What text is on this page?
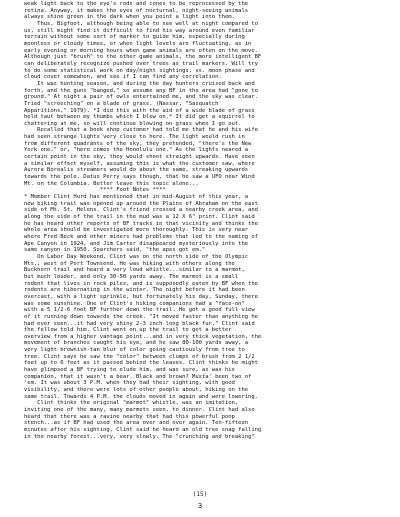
weak light back to the eye's rods and cones to be reprocessed by the
retina. Anyway, it makes the eyes of nocturnal, night-seeing animals
always shine green in the dark when you point a light into them.
Thus, Bigfoot, although being able to see well at night compared to
us, still might find it difficult to find his way around even familiar
terrain without some sort of marker to guide him, especially during
moonless or cloudy times, or when light levels are fluctuating, as in
early evening or morning hours when game animals are often on the move.
Although just "brush" to the other game animals, the more intelligent BF
can deliberately recognize pushed over trees as trail markers. Will try
to do some statistical work on day/night sightings, vs. moon phase and
cloud cover somewhen, and see if I can find any correlation.
It was hunting season, and during the day hunters cruised back and
forth, and the guns "banged," so assume any BF in the area had "gone to
ground." At night a pair of owls entertained me, and the sky was clear.
Tried "screeching" on a blade of grass, (Nassar, "Sasquatch
Apparitions," 1979). *I did this with the aid of a wide blade of grass
held taut between my thumbs which I blew on.* It did get a squirrel to
chattering at me, so will continue blowing on grass when I go out.
Recalled that a book shop customer had told me that he and his wife
had seen strange lights very close to here. The light would rush in
from different quadrants of the sky, they pretended, "there's the New
York one," or, "here comes the Honolulu one." As the lights neared a
certain point in the sky, they would shoot straight upwards. Have seen
a similar effect myself, assuming this is what the customer saw, where
Aurora Borealis streamers would do about the same, streaking upwards
towards the pole. Datus Perry says though, that he saw a UFO near Wind
Mt. on the Columbia. Better leave this topic alone...
**** Foot Notes ****
* Member Clint Hurd has mentioned that in mid-August of this year, a
new biking trail was opened up around the Plains of Abraham on the east
side of Mt. St. Helens. Clint's friend crossed a nearby creek area, and
along the side of the trail in the mud was a 12 X 6" print. Clint said
he has heard other reports of BF tracks in that vicinity and thinks the
whole area should be investigated more thoroughly. This is very near
where Fred Beck and other miners had problems that led to the naming of
Ape Canyon in 1924, and Jim Carter disappeared mysteriously into the
same canyon in 1950. Searchers said, "the apes got em."
On Labor Day Weekend, Clint was on the north side of the Olympic
Mts., west of Port Townsend. He was hiking with others along the
Buckhorn trail and heard a very loud whistle...similar to a marmot,
but much louder, and only 30-50 yards away. The marmot is a small
rodent that lives in rock piles, and is supposedly eaten by BF when the
rodents are hibernating in the winter. The night before it had been
overcast, with a light sprinkle, but fortunately his day, Sunday, there
was some sunshine. One of Clint's hiking companions had a "face-on"
with a 5 1/2-6 foot BF further down the trail. He got a good full view
of it running down towards the creek. "It moved faster than anything he
had ever seen...it had very shiny 2-3 inch long black fur," Clint said
the fellow told him. Clint went on up the trail to get a better
overview from a higher vantage point...and in very thick vegetation, the
movement of branches caught his eye, and he saw 80-100 yards away, a
very light brownish-tan blur of color going cautiously from tree to
tree. Clint says he saw the "color" between clumps of brush from 2 1/2
feet up to 6 feet as it passed behind the leaves. Clint thinks he might
have glimpsed a BF trying to elude him, and was sure, as was his
companion, that it wasn't a bear. Black and brown? Musta' been two of
'em. It was about 3 P.M. when they had their sighting, with good
visibility, and there were lots of other people about, hiking on the
same trail. Towards 4 P.M. the clouds moved in again and were lowering.
Clint thinks the original "marmot" whistle, was an imitation,
inviting one of the many, many marmots seen, to dinner. Clint had also
heard that there was a ravine nearby that had this powerful poop
stench...as if BF had used the area over and over again. Ten-fifteen
minutes after his sighting, Clint said he heard an old tree snag falling
in the nearby forest...very, very slowly. The "crunching and breaking"
(15)
3
